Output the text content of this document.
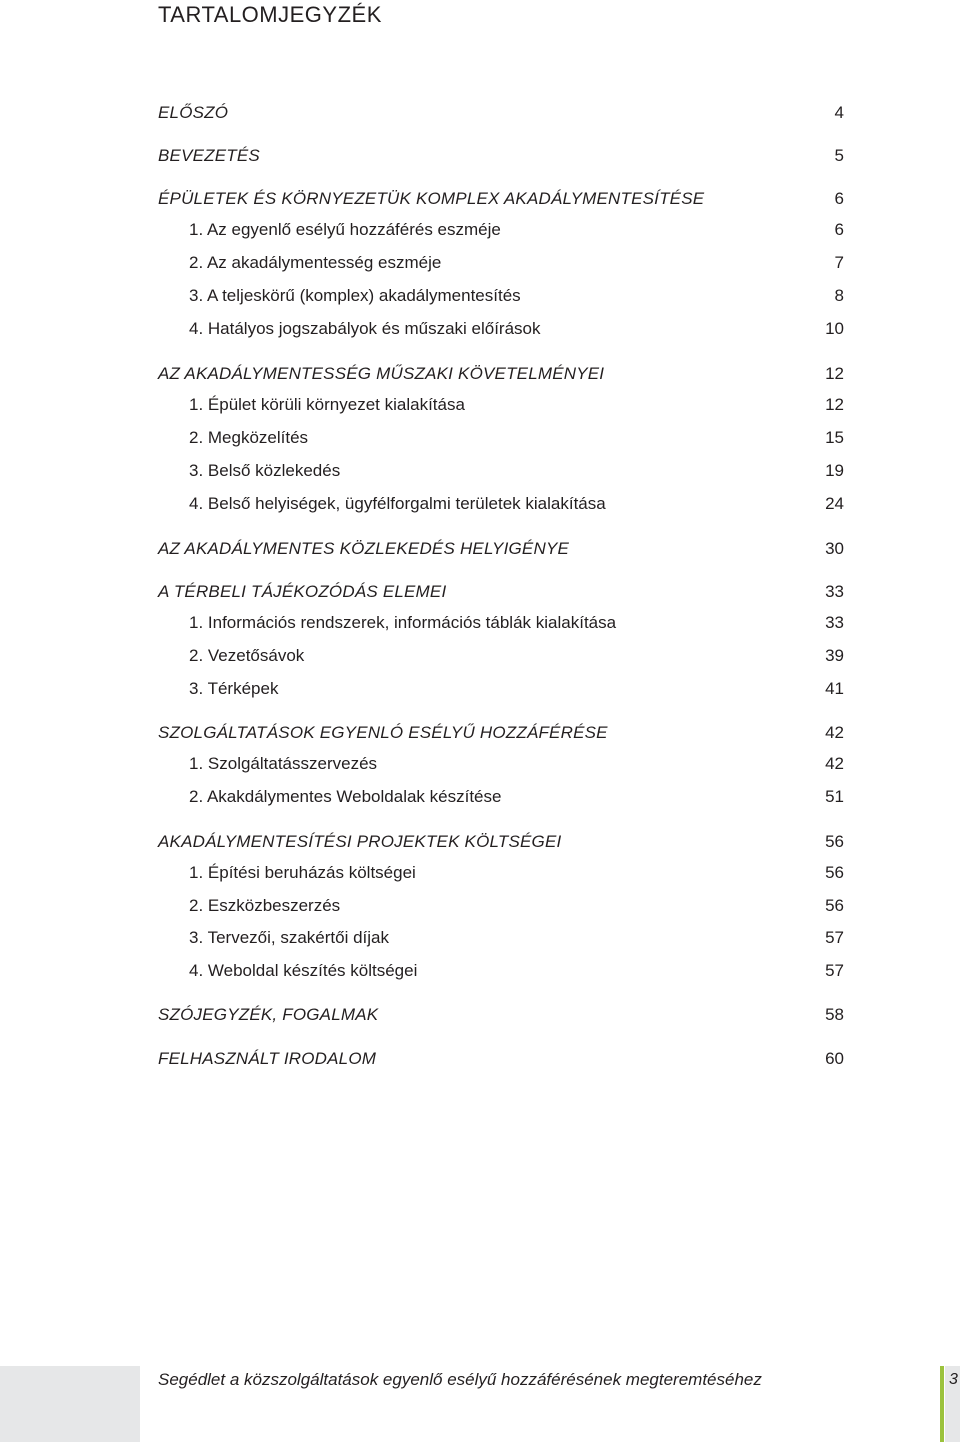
TARTALOMJEGYZÉK
ELŐSZÓ	4
BEVEZETÉS	5
ÉPÜLETEK ÉS KÖRNYEZETÜK KOMPLEX AKADÁLYMENTESÍTÉSE	6
1. Az egyenlő esélyű hozzáférés eszméje	6
2. Az akadálymentesség eszméje	7
3. A teljeskörű (komplex) akadálymentesítés	8
4. Hatályos jogszabályok és műszaki előírások	10
AZ AKADÁLYMENTESSÉG MŰSZAKI KÖVETELMÉNYEI	12
1. Épület körüli környezet kialakítása	12
2. Megközelítés	15
3. Belső közlekedés	19
4. Belső helyiségek, ügyfélforgalmi területek kialakítása	24
AZ AKADÁLYMENTES KÖZLEKEDÉS HELYIGÉNYE	30
A TÉRBELI TÁJÉKOZÓDÁS ELEMEI	33
1. Információs rendszerek, információs táblák kialakítása	33
2. Vezetősávok	39
3. Térképek	41
SZOLGÁLTATÁSOK EGYENLÓ ESÉLYŰ HOZZÁFÉRÉSE	42
1. Szolgáltatásszervezés	42
2. Akakdálymentes Weboldalak készítése	51
AKADÁLYMENTESÍTÉSI PROJEKTEK KÖLTSÉGEI	56
1. Építési beruházás költségei	56
2. Eszközbeszerzés	56
3. Tervezői, szakértői díjak	57
4. Weboldal készítés költségei	57
SZÓJEGYZÉK, FOGALMAK	58
FELHASZNÁLT IRODALOM	60
Segédlet a közszolgáltatások egyenlő esélyű hozzáférésének megteremtéséhez	3
